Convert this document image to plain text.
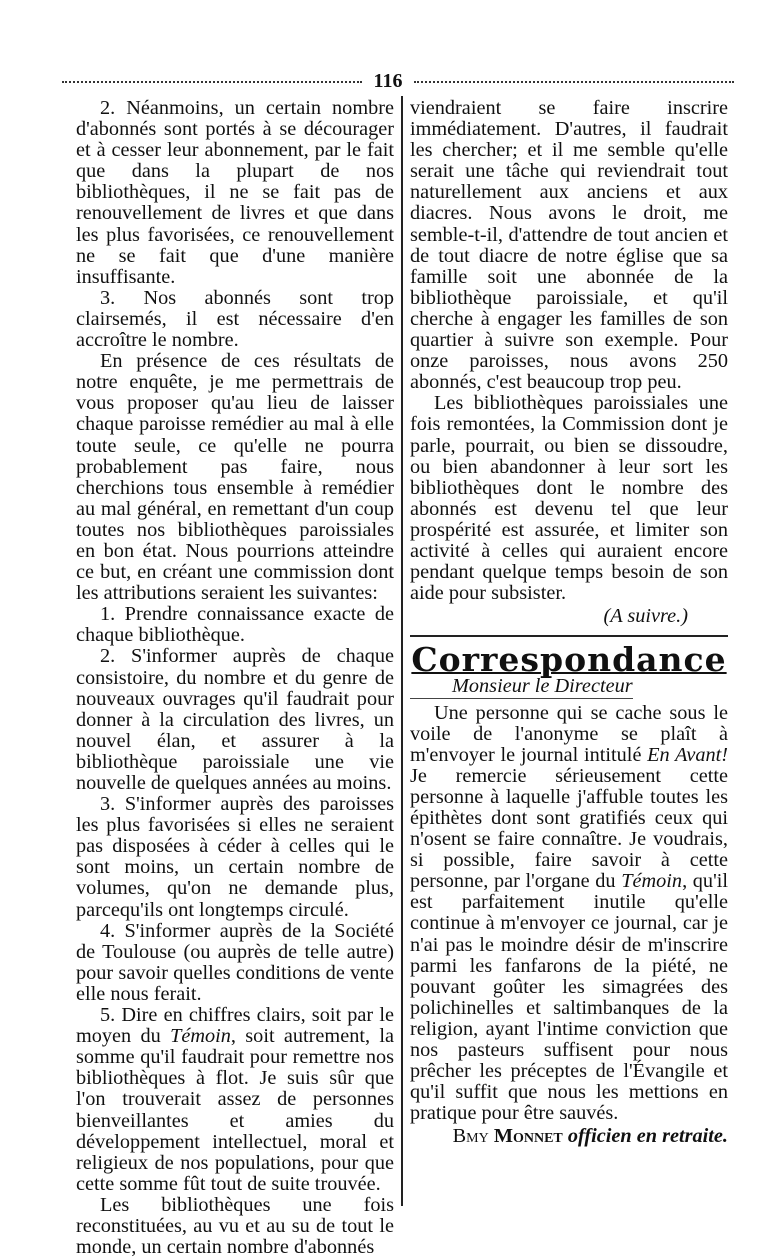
116

2. Néanmoins, un certain nombre d'abonnés sont portés à se décourager et à cesser leur abonnement, par le fait que dans la plupart de nos bibliothèques, il ne se fait pas de renouvellement de livres et que dans les plus favorisées, ce renouvellement ne se fait que d'une manière insuffisante.

3. Nos abonnés sont trop clairsemés, il est nécessaire d'en accroître le nombre.

En présence de ces résultats de notre enquête, je me permettrais de vous proposer qu'au lieu de laisser chaque paroisse remédier au mal à elle toute seule, ce qu'elle ne pourra probablement pas faire, nous cherchions tous ensemble à remédier au mal général, en remettant d'un coup toutes nos bibliothèques paroissiales en bon état. Nous pourrions atteindre ce but, en créant une commission dont les attributions seraient les suivantes:

1. Prendre connaissance exacte de chaque bibliothèque.

2. S'informer auprès de chaque consistoire, du nombre et du genre de nouveaux ouvrages qu'il faudrait pour donner à la circulation des livres, un nouvel élan, et assurer à la bibliothèque paroissiale une vie nouvelle de quelques années au moins.

3. S'informer auprès des paroisses les plus favorisées si elles ne seraient pas disposées à céder à celles qui le sont moins, un certain nombre de volumes, qu'on ne demande plus, parcequ'ils ont longtemps circulé.

4. S'informer auprès de la Société de Toulouse (ou auprès de telle autre) pour savoir quelles conditions de vente elle nous ferait.

5. Dire en chiffres clairs, soit par le moyen du Témoin, soit autrement, la somme qu'il faudrait pour remettre nos bibliothèques à flot. Je suis sûr que l'on trouverait assez de personnes bienveillantes et amies du développement intellectuel, moral et religieux de nos populations, pour que cette somme fût tout de suite trouvée.

Les bibliothèques une fois reconstituées, au vu et au su de tout le monde, un certain nombre d'abonnés

viendraient se faire inscrire immédiatement. D'autres, il faudrait les chercher; et il me semble qu'elle serait une tâche qui reviendrait tout naturellement aux anciens et aux diacres. Nous avons le droit, me semble-t-il, d'attendre de tout ancien et de tout diacre de notre église que sa famille soit une abonnée de la bibliothèque paroissiale, et qu'il cherche à engager les familles de son quartier à suivre son exemple. Pour onze paroisses, nous avons 250 abonnés, c'est beaucoup trop peu.

Les bibliothèques paroissiales une fois remontées, la Commission dont je parle, pourrait, ou bien se dissoudre, ou bien abandonner à leur sort les bibliothèques dont le nombre des abonnés est devenu tel que leur prospérité est assurée, et limiter son activité à celles qui auraient encore pendant quelque temps besoin de son aide pour subsister.

(A suivre.)

Correspondance
Monsieur le Directeur

Une personne qui se cache sous le voile de l'anonyme se plaît à m'envoyer le journal intitulé En Avant! Je remercie sérieusement cette personne à laquelle j'affuble toutes les épithètes dont sont gratifiés ceux qui n'osent se faire connaître. Je voudrais, si possible, faire savoir à cette personne, par l'organe du Témoin, qu'il est parfaitement inutile qu'elle continue à m'envoyer ce journal, car je n'ai pas le moindre désir de m'inscrire parmi les fanfarons de la piété, ne pouvant goûter les simagrées des polichinelles et saltimbanques de la religion, ayant l'intime conviction que nos pasteurs suffisent pour nous prêcher les préceptes de l'Évangile et qu'il suffit que nous les mettions en pratique pour être sauvés.

Bmy Monnet officien en retraite.
